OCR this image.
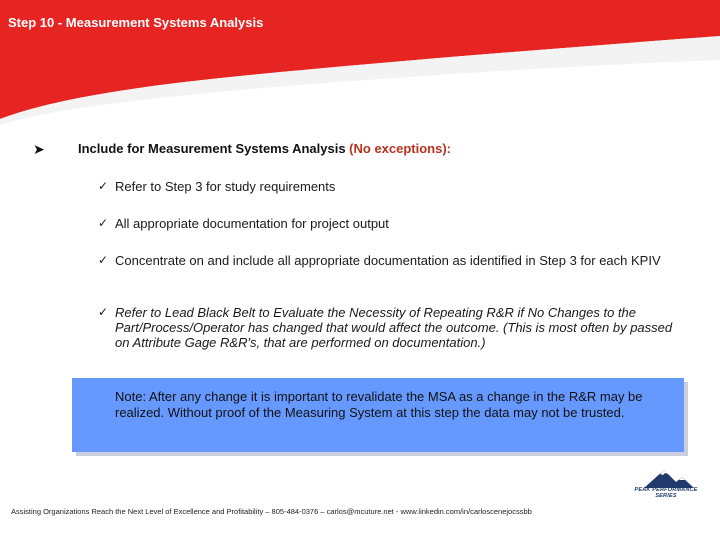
Step 10 - Measurement Systems Analysis
➤	Include for Measurement Systems Analysis (No exceptions):
✓ Refer to Step 3 for study requirements
✓ All appropriate documentation for project output
✓ Concentrate on and include all appropriate documentation as identified in Step 3 for each KPIV
✓ Refer to Lead Black Belt to Evaluate the Necessity of Repeating R&R if No Changes to the Part/Process/Operator has changed that would affect the outcome. (This is most often by passed on Attribute Gage R&R's, that are performed on documentation.)
Note: After any change it is important to revalidate the MSA as a change in the R&R may be realized. Without proof of the Measuring System at this step the data may not be trusted.
PEAK PERFORMANCE SERIES
Assisting Organizations Reach the Next Level of Excellence and Profitability – 805-484-0376 – carlos@mcuture.net - www.linkedin.com/in/carloscenejocssbb
